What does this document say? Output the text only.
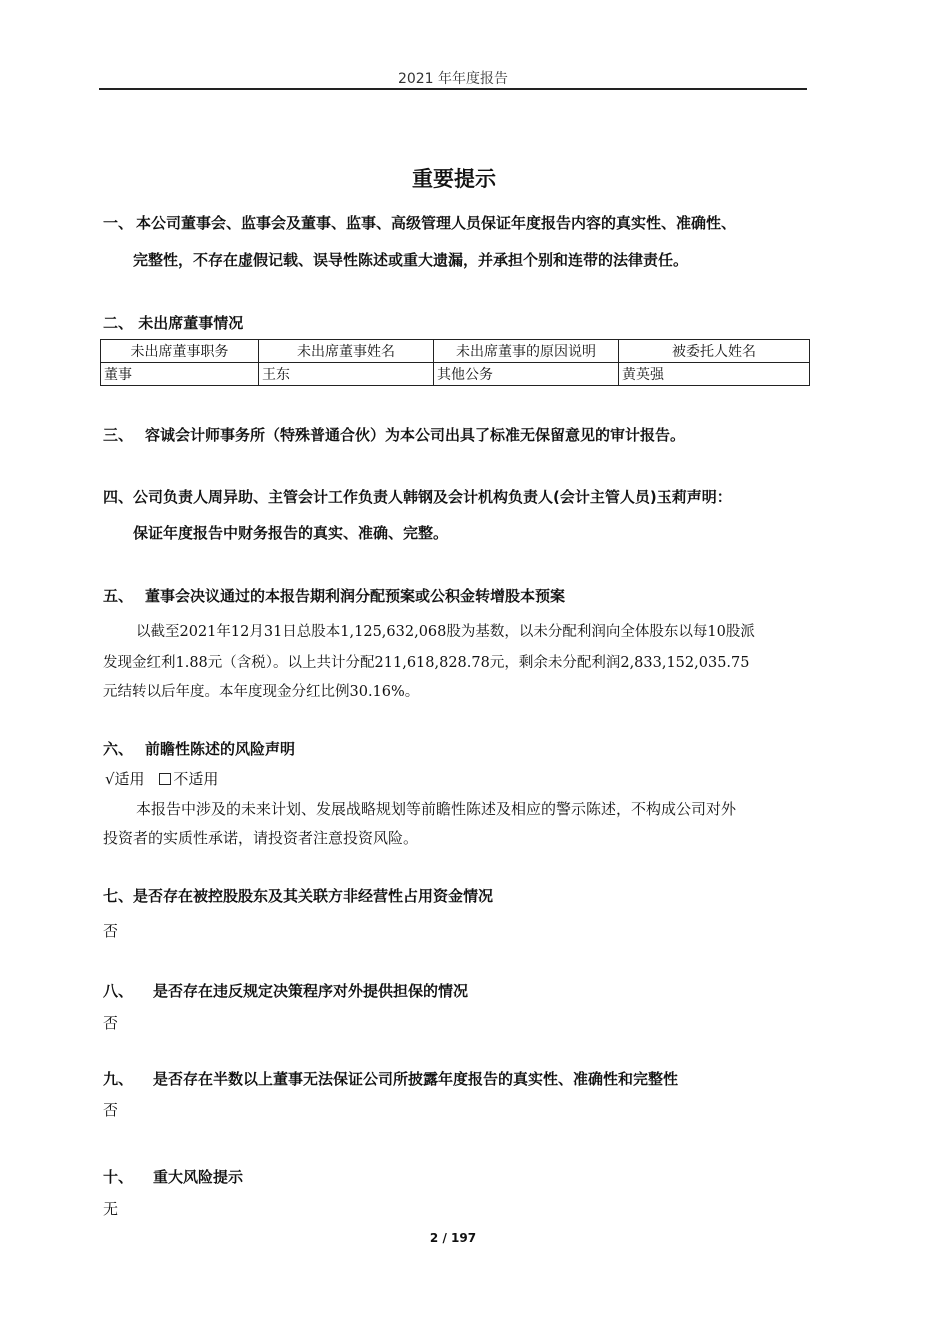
2021 年年度报告
重要提示
一、 本公司董事会、监事会及董事、监事、高级管理人员保证年度报告内容的真实性、准确性、
完整性，不存在虚假记载、误导性陈述或重大遗漏，并承担个别和连带的法律责任。
二、 未出席董事情况
未出席董事职务	未出席董事姓名	未出席董事的原因说明	被委托人姓名
董事	王东	其他公务	黄英强
三、 容诚会计师事务所（特殊普通合伙）为本公司出具了标准无保留意见的审计报告。
四、公司负责人周异助、主管会计工作负责人韩钢及会计机构负责人(会计主管人员)玉莉声明：
保证年度报告中财务报告的真实、准确、完整。
五、 董事会决议通过的本报告期利润分配预案或公积金转增股本预案
以截至2021年12月31日总股本1,125,632,068股为基数，以未分配利润向全体股东以每10股派
发现金红利1.88元（含税）。以上共计分配211,618,828.78元，剩余未分配利润2,833,152,035.75
元结转以后年度。本年度现金分红比例30.16%。
六、 前瞻性陈述的风险声明
√适用 不适用
本报告中涉及的未来计划、发展战略规划等前瞻性陈述及相应的警示陈述，不构成公司对外
投资者的实质性承诺，请投资者注意投资风险。
七、是否存在被控股股东及其关联方非经营性占用资金情况
否
八、 是否存在违反规定决策程序对外提供担保的情况
否
九、 是否存在半数以上董事无法保证公司所披露年度报告的真实性、准确性和完整性
否
十、 重大风险提示
无
2 / 197
